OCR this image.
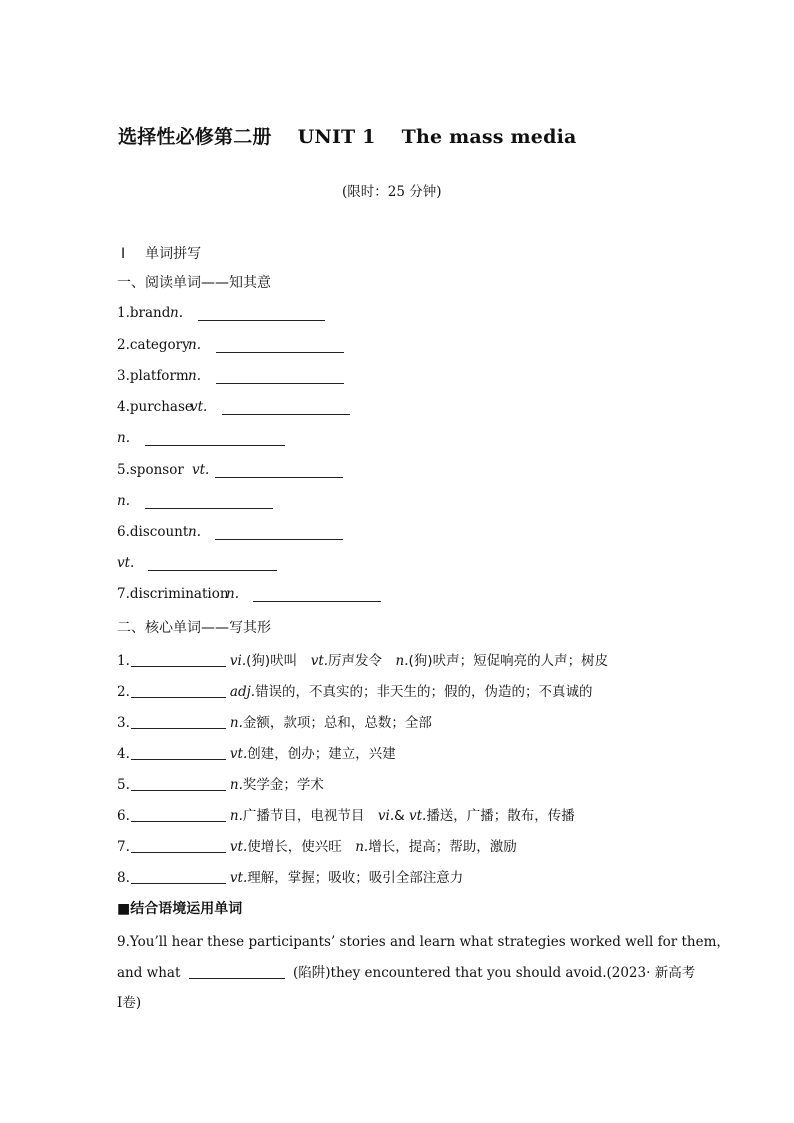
选择性必修第二册 UNIT 1 The mass media
(限时：25 分钟)
Ⅰ 单词拼写
一、阅读单词——知其意
1.brand n.
2.category
n.
3.platform n.
4.purchase
vt.
n.
5.sponsor vt.
n.
6.discount n.
vt.
7.discrimination
n.
二、核心单词——写其形
1.	vi.(狗)吠叫　vt.厉声发令　n.(狗)吠声；短促响亮的人声；树皮
2.	adj.错误的，不真实的；非天生的；假的，伪造的；不真诚的
3.	n.金额，款项；总和，总数；全部
4.	vt.创建，创办；建立，兴建
5.	n.奖学金；学术
6.	n.广播节目，电视节目　vi.& vt.播送，广播；散布，传播
7.	vt.使增长，使兴旺　n.增长，提高；帮助，激励
8.	vt.理解，掌握；吸收；吸引全部注意力
■结合语境运用单词
9.You’ll hear these participants’ stories and learn what strategies worked well for them，
and what	(陷阱)they encountered that you should avoid.(2023· 新高考
Ⅰ卷)
